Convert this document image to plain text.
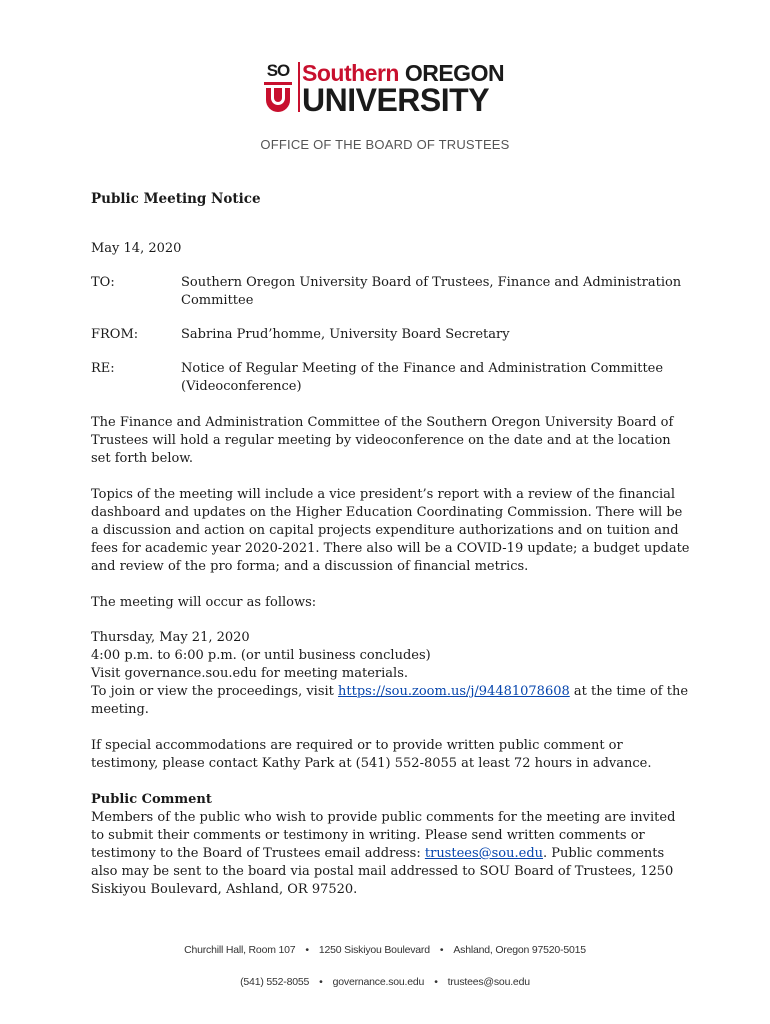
SO Southern OREGON
UNIVERSITY
OFFICE OF THE BOARD OF TRUSTEES

Public Meeting Notice

May 14, 2020

TO:	Southern Oregon University Board of Trustees, Finance and Administration Committee
FROM:	Sabrina Prud’homme, University Board Secretary
RE:	Notice of Regular Meeting of the Finance and Administration Committee (Videoconference)

The Finance and Administration Committee of the Southern Oregon University Board of Trustees will hold a regular meeting by videoconference on the date and at the location set forth below.

Topics of the meeting will include a vice president’s report with a review of the financial dashboard and updates on the Higher Education Coordinating Commission. There will be a discussion and action on capital projects expenditure authorizations and on tuition and fees for academic year 2020-2021. There also will be a COVID-19 update; a budget update and review of the pro forma; and a discussion of financial metrics.

The meeting will occur as follows:

Thursday, May 21, 2020

4:00 p.m. to 6:00 p.m. (or until business concludes)

Visit governance.sou.edu for meeting materials.

To join or view the proceedings, visit https://sou.zoom.us/j/94481078608 at the time of the meeting.

If special accommodations are required or to provide written public comment or testimony, please contact Kathy Park at (541) 552-8055 at least 72 hours in advance.

Public Comment

Members of the public who wish to provide public comments for the meeting are invited to submit their comments or testimony in writing. Please send written comments or testimony to the Board of Trustees email address: trustees@sou.edu. Public comments also may be sent to the board via postal mail addressed to SOU Board of Trustees, 1250 Siskiyou Boulevard, Ashland, OR 97520.

Churchill Hall, Room 107 • 1250 Siskiyou Boulevard • Ashland, Oregon 97520-5015
(541) 552-8055 • governance.sou.edu • trustees@sou.edu
